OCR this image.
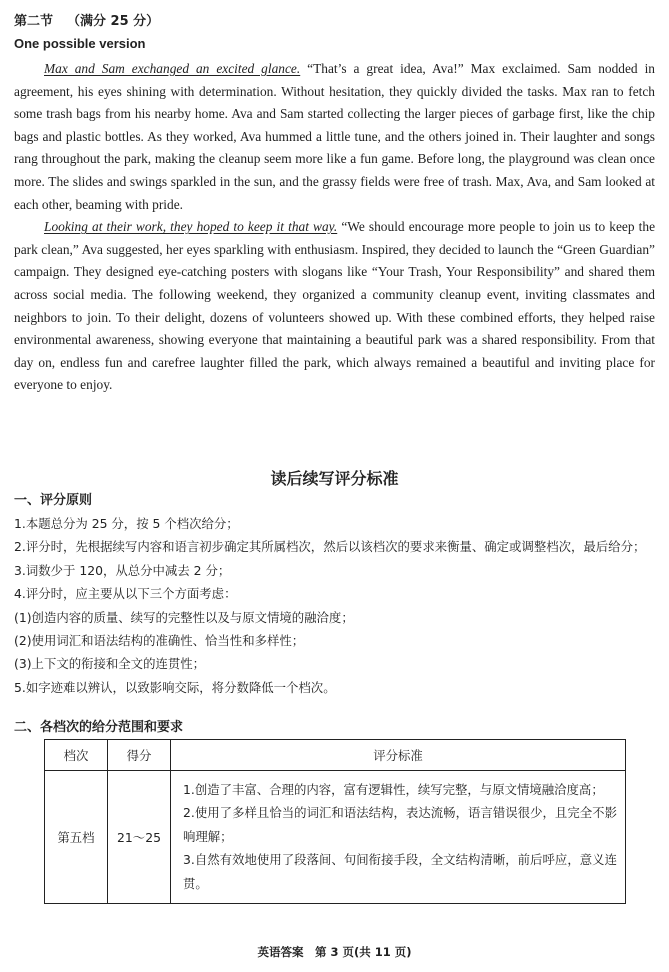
第二节 （满分 25 分）
One possible version

Max and Sam exchanged an excited glance. “That’s a great idea, Ava!” Max exclaimed. Sam nodded in agreement, his eyes shining with determination. Without hesitation, they quickly divided the tasks. Max ran to fetch some trash bags from his nearby home. Ava and Sam started collecting the larger pieces of garbage first, like the chip bags and plastic bottles. As they worked, Ava hummed a little tune, and the others joined in. Their laughter and songs rang throughout the park, making the cleanup seem more like a fun game. Before long, the playground was clean once more. The slides and swings sparkled in the sun, and the grassy fields were free of trash. Max, Ava, and Sam looked at each other, beaming with pride.

Looking at their work, they hoped to keep it that way. “We should encourage more people to join us to keep the park clean,” Ava suggested, her eyes sparkling with enthusiasm. Inspired, they decided to launch the “Green Guardian” campaign. They designed eye-catching posters with slogans like “Your Trash, Your Responsibility” and shared them across social media. The following weekend, they organized a community cleanup event, inviting classmates and neighbors to join. To their delight, dozens of volunteers showed up. With these combined efforts, they helped raise environmental awareness, showing everyone that maintaining a beautiful park was a shared responsibility. From that day on, endless fun and carefree laughter filled the park, which always remained a beautiful and inviting place for everyone to enjoy.

读后续写评分标准
一、评分原则
1.本题总分为 25 分，按 5 个档次给分；
2.评分时，先根据续写内容和语言初步确定其所属档次，然后以该档次的要求来衡量、确定或调整档次，最后给分；
3.词数少于 120，从总分中减去 2 分；
4.评分时，应主要从以下三个方面考虑：
(1)创造内容的质量、续写的完整性以及与原文情境的融洽度；
(2)使用词汇和语法结构的准确性、恰当性和多样性；
(3)上下文的衔接和全文的连贯性；
5.如字迹难以辨认，以致影响交际，将分数降低一个档次。
二、各档次的给分范围和要求
档次	得分	评分标准
第五档	21～25	1.创造了丰富、合理的内容，富有逻辑性，续写完整，与原文情境融洽度高；
2.使用了多样且恰当的词汇和语法结构，表达流畅，语言错误很少，且完全不影响理解；
3.自然有效地使用了段落间、句间衔接手段，全文结构清晰，前后呼应，意义连贯。
英语答案　第 3 页(共 11 页)
